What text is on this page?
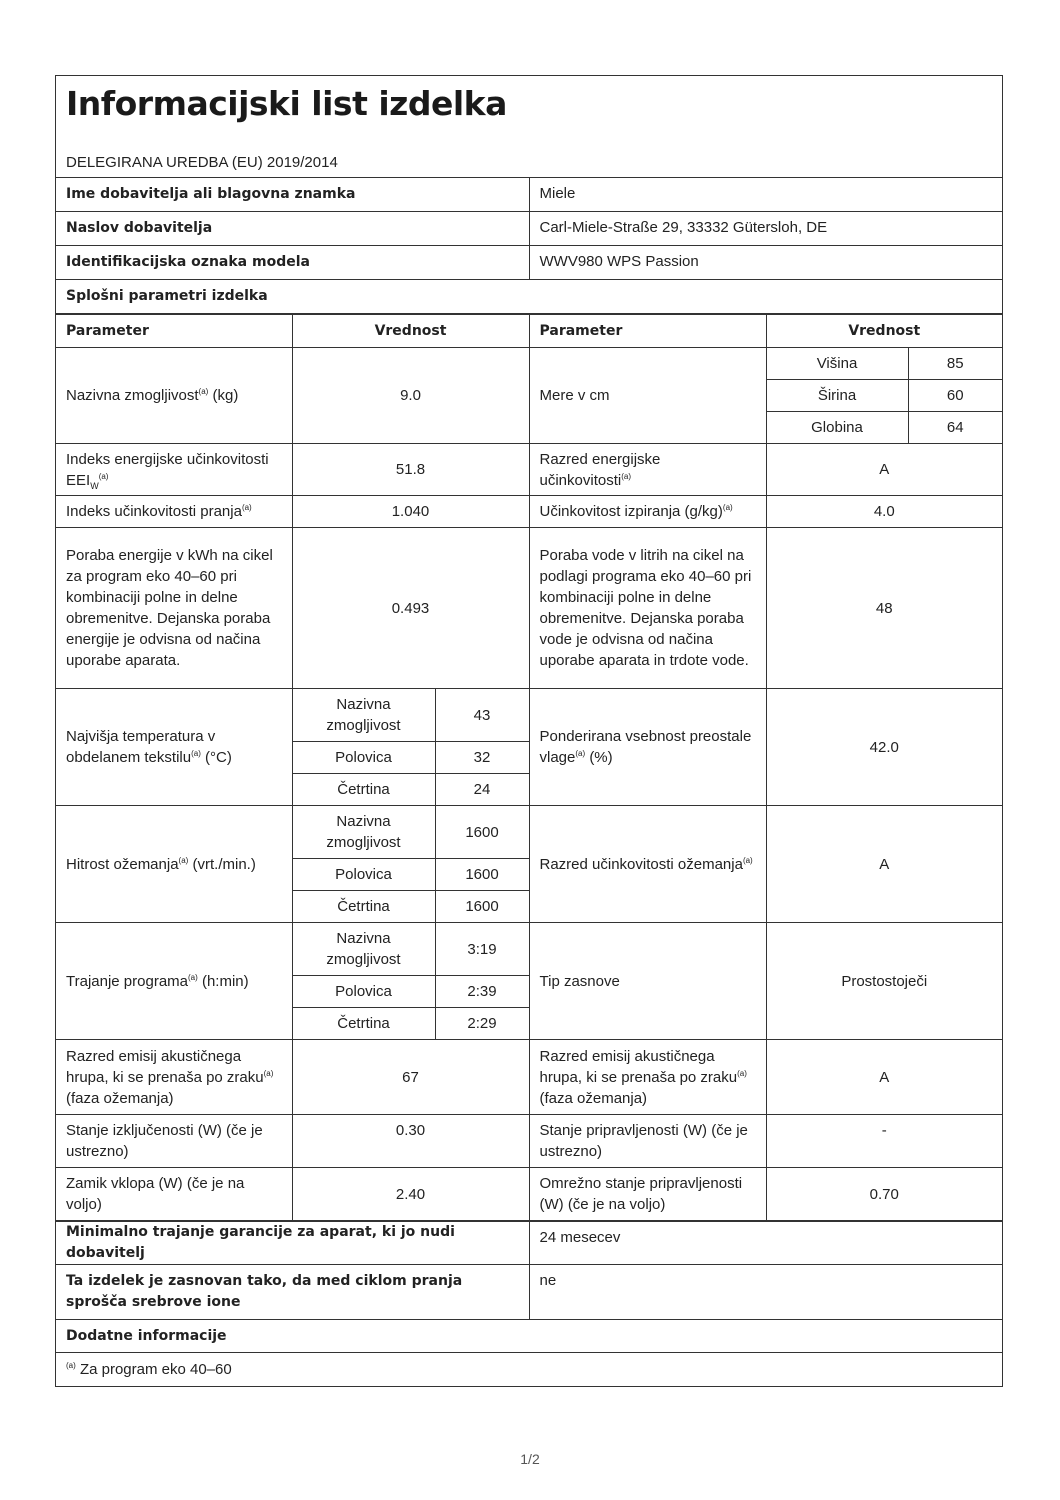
Informacijski list izdelka
DELEGIRANA UREDBA (EU) 2019/2014
Ime dobavitelja ali blagovna znamka	Miele
Naslov dobavitelja	Carl-Miele-Straße 29, 33332 Gütersloh, DE
Identifikacijska oznaka modela	WWV980 WPS Passion
Splošni parametri izdelka	
Parameter	Vrednost		Parameter	Vrednost	
Nazivna zmogljivost$^{(a)}$ (kg)	9.0		Mere v cm	Višina	85
				Širina	60
				Globina	64
Indeks energijske učinkovitosti $EEI_W^{(a)}$	51.8		Razred energijske učinkovitosti$^{(a)}$	A	
Indeks učinkovitosti pranja$^{(a)}$	1.040		Učinkovitost izpiranja $(g/kg)^{(a)}$	4.0	
Poraba energije v kWh na cikel za program eko 40–60 pri kombinaciji polne in delne obremenitve. Dejanska poraba energije je odvisna od načina uporabe aparata.	0.493		Poraba vode v litrih na cikel na podlagi programa eko 40–60 pri kombinaciji polne in delne obremenitve. Dejanska poraba vode je odvisna od načina uporabe aparata in trdote vode.	48	
Najvišja temperatura v obdelanem tekstilu$^{(a)}$ (°C)	Nazivna zmogljivost	43	Ponderirana vsebnost preostale vlage$^{(a)}$ (%)	42.0	
	Polovica	32			
	Četrtina	24			
Hitrost ožemanja$^{(a)}$ (vrt./min.)	Nazivna zmogljivost	1600	Razred učinkovitosti ožemanja$^{(a)}$	A	
	Polovica	1600			
	Četrtina	1600			
Trajanje programa$^{(a)}$ (h:min)	Nazivna zmogljivost	3:19	Tip zasnove	Prostostoječi	
	Polovica	2:39			
	Četrtina	2:29			
Razred emisij akustičnega hrupa, ki se prenaša po zraku$^{(a)}$ (faza ožemanja)	67		Razred emisij akustičnega hrupa, ki se prenaša po zraku$^{(a)}$ (faza ožemanja)	A	
Stanje izključenosti (W) (če je ustrezno)	0.30		Stanje pripravljenosti (W) (če je ustrezno)	-	
Zamik vklopa (W) (če je na voljo)	2.40		Omrežno stanje pripravljenosti (W) (če je na voljo)	0.70	
Minimalno trajanje garancije za aparat, ki jo nudi dobavitelj	24 mesecev
Ta izdelek je zasnovan tako, da med ciklom pranja sprošča srebrove ione	ne
Dodatne informacije	
$^{(a)}$ Za program eko 40–60	
1/2
